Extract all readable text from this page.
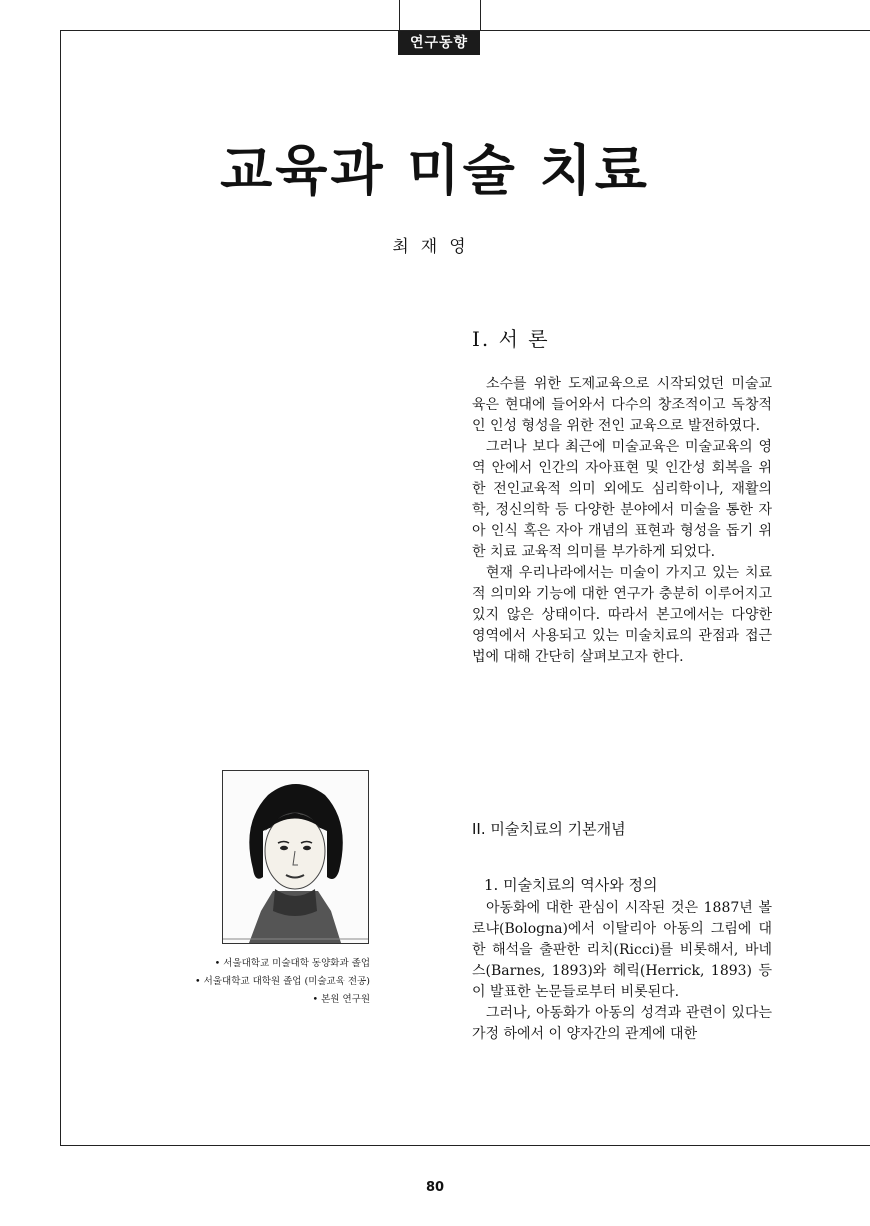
연구동향
교육과 미술 치료
최재영
I. 서 론

소수를 위한 도제교육으로 시작되었던 미술교육은 현대에 들어와서 다수의 창조적이고 독창적인 인성 형성을 위한 전인 교육으로 발전하였다.

그러나 보다 최근에 미술교육은 미술교육의 영역 안에서 인간의 자아표현 및 인간성 회복을 위한 전인교육적 의미 외에도 심리학이나, 재활의학, 정신의학 등 다양한 분야에서 미술을 통한 자아 인식 혹은 자아 개념의 표현과 형성을 돕기 위한 치료 교육적 의미를 부가하게 되었다.

현재 우리나라에서는 미술이 가지고 있는 치료적 의미와 기능에 대한 연구가 충분히 이루어지고 있지 않은 상태이다. 따라서 본고에서는 다양한 영역에서 사용되고 있는 미술치료의 관점과 접근법에 대해 간단히 살펴보고자 한다.

II. 미술치료의 기본개념
1. 미술치료의 역사와 정의

아동화에 대한 관심이 시작된 것은 1887년 볼로냐(Bologna)에서 이탈리아 아동의 그림에 대한 해석을 출판한 리치(Ricci)를 비롯해서, 바네스(Barnes, 1893)와 헤릭(Herrick, 1893) 등이 발표한 논문들로부터 비롯된다.

그러나, 아동화가 아동의 성격과 관련이 있다는 가정 하에서 이 양자간의 관계에 대한

• 서울대학교 미술대학 동양화과 졸업
• 서울대학교 대학원 졸업 (미술교육 전공)
• 본원 연구원
80
